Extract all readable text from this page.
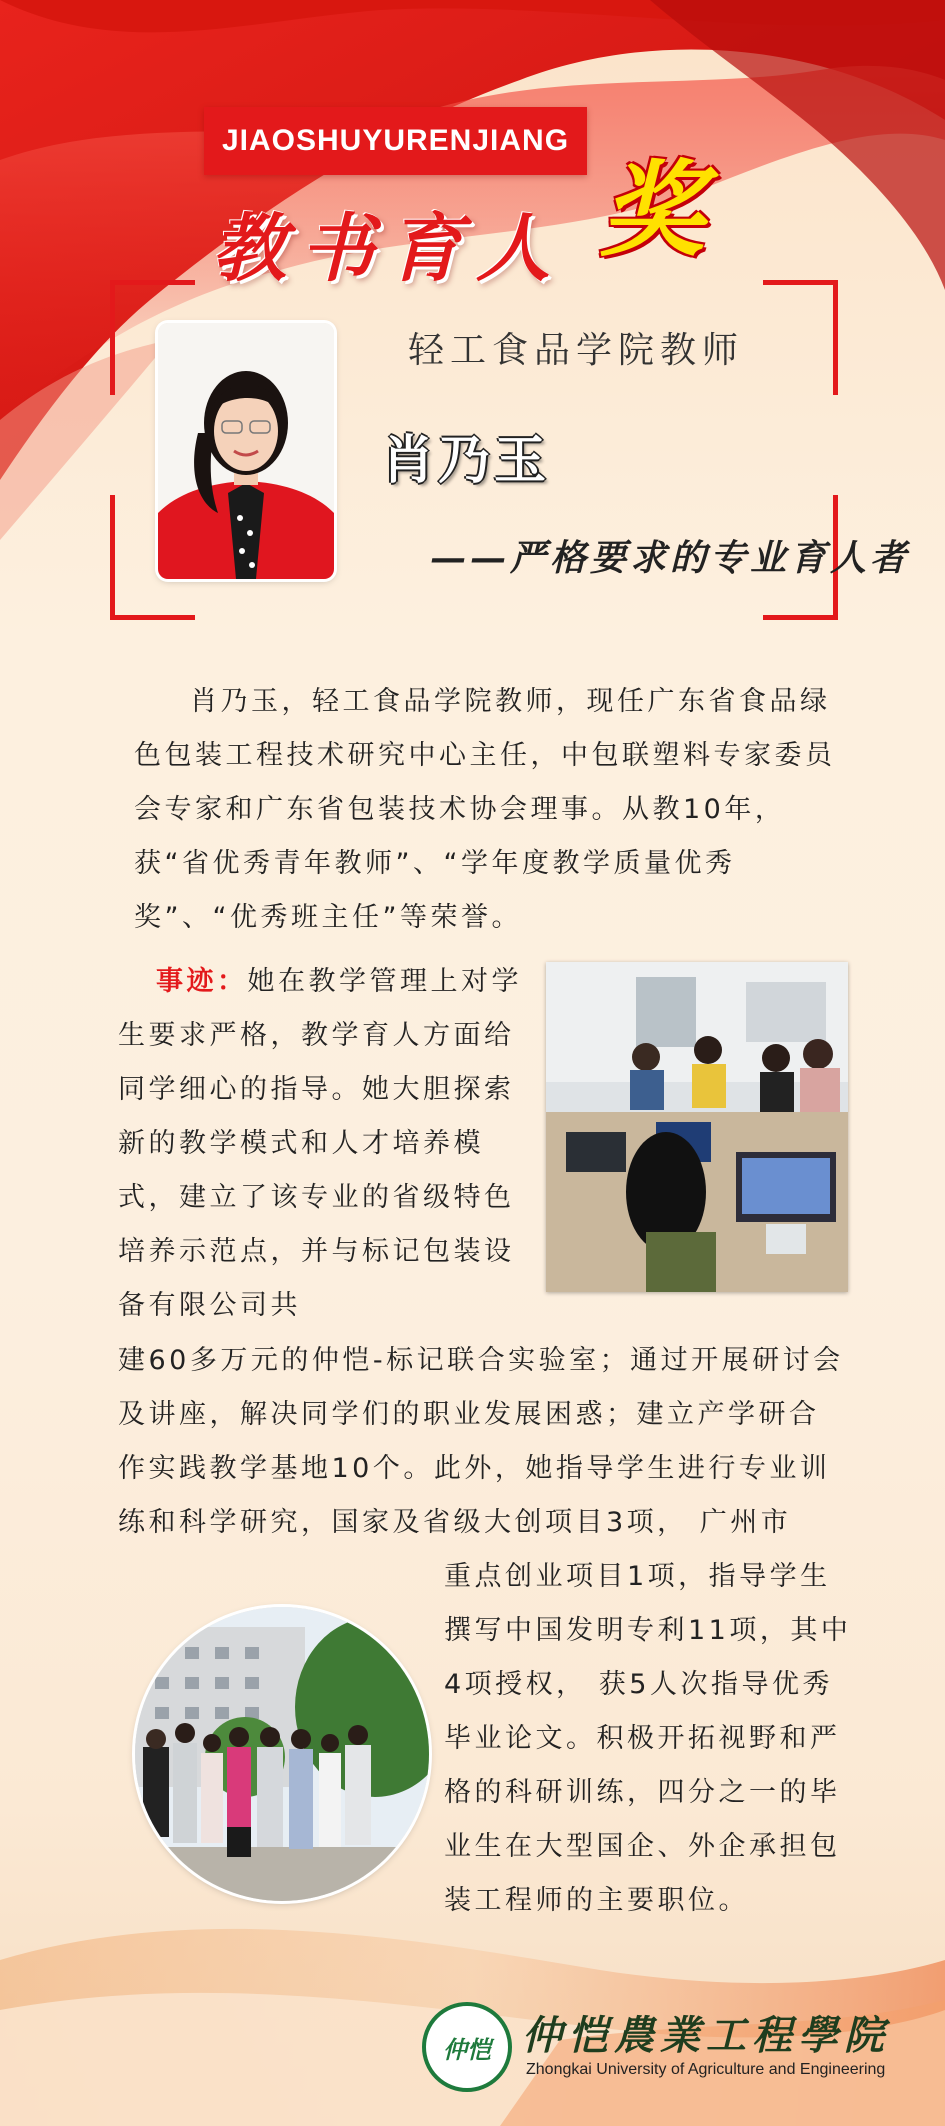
JIAOSHUYURENJIANG
教书育人 奖
轻工食品学院教师
肖乃玉
——严格要求的专业育人者
肖乃玉，轻工食品学院教师，现任广东省食品绿色包装工程技术研究中心主任，中包联塑料专家委员会专家和广东省包装技术协会理事。从教10年，获“省优秀青年教师”、“学年度教学质量优秀奖”、“优秀班主任”等荣誉。
事迹：她在教学管理上对学生要求严格，教学育人方面给同学细心的指导。她大胆探索新的教学模式和人才培养模式，建立了该专业的省级特色培养示范点，并与标记包装设备有限公司共
建60多万元的仲恺-标记联合实验室；通过开展研讨会及讲座，解决同学们的职业发展困惑；建立产学研合 作实践教学基地10个。此外，她指导学生进行专业训练和科学研究，国家及省级大创项目3项， 广州市
重点创业项目1项，指导学生撰写中国发明专利11项，其中4项授权， 获5人次指导优秀毕业论文。积极开拓视野和严格的科研训练，四分之一的毕业生在大型国企、外企承担包装工程师的主要职位。
仲恺 仲恺農業工程學院
Zhongkai University of Agriculture and Engineering
